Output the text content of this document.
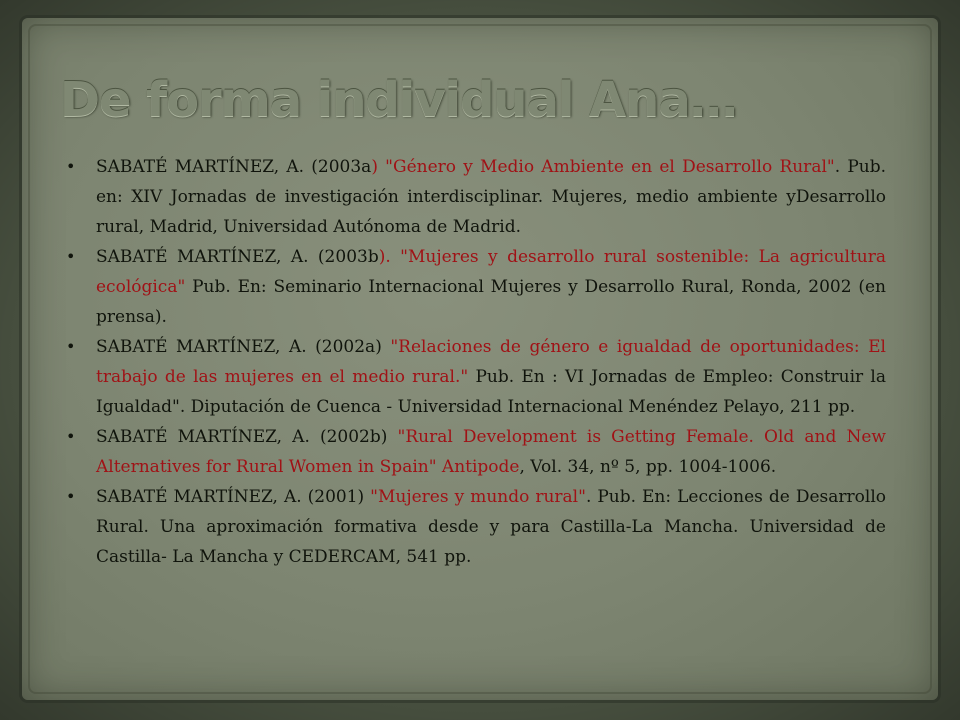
De forma individual Ana…
• SABATÉ MARTÍNEZ, A. (2003a) "Género y Medio Ambiente en el Desarrollo Rural". Pub. en: XIV Jornadas de investigación interdisciplinar. Mujeres, medio ambiente yDesarrollo rural, Madrid, Universidad Autónoma de Madrid.
• SABATÉ MARTÍNEZ, A. (2003b). "Mujeres y desarrollo rural sostenible: La agricultura ecológica" Pub. En: Seminario Internacional Mujeres y Desarrollo Rural, Ronda, 2002 (en prensa).
• SABATÉ MARTÍNEZ, A. (2002a) "Relaciones de género e igualdad de oportunidades: El trabajo de las mujeres en el medio rural." Pub. En : VI Jornadas de Empleo: Construir la Igualdad". Diputación de Cuenca - Universidad Internacional Menéndez Pelayo, 211 pp.
• SABATÉ MARTÍNEZ, A. (2002b) "Rural Development is Getting Female. Old and New Alternatives for Rural Women in Spain" Antipode, Vol. 34, nº 5, pp. 1004-1006.
• SABATÉ MARTÍNEZ, A. (2001) "Mujeres y mundo rural". Pub. En: Lecciones de Desarrollo Rural. Una aproximación formativa desde y para Castilla-La Mancha. Universidad de Castilla- La Mancha y CEDERCAM, 541 pp.
